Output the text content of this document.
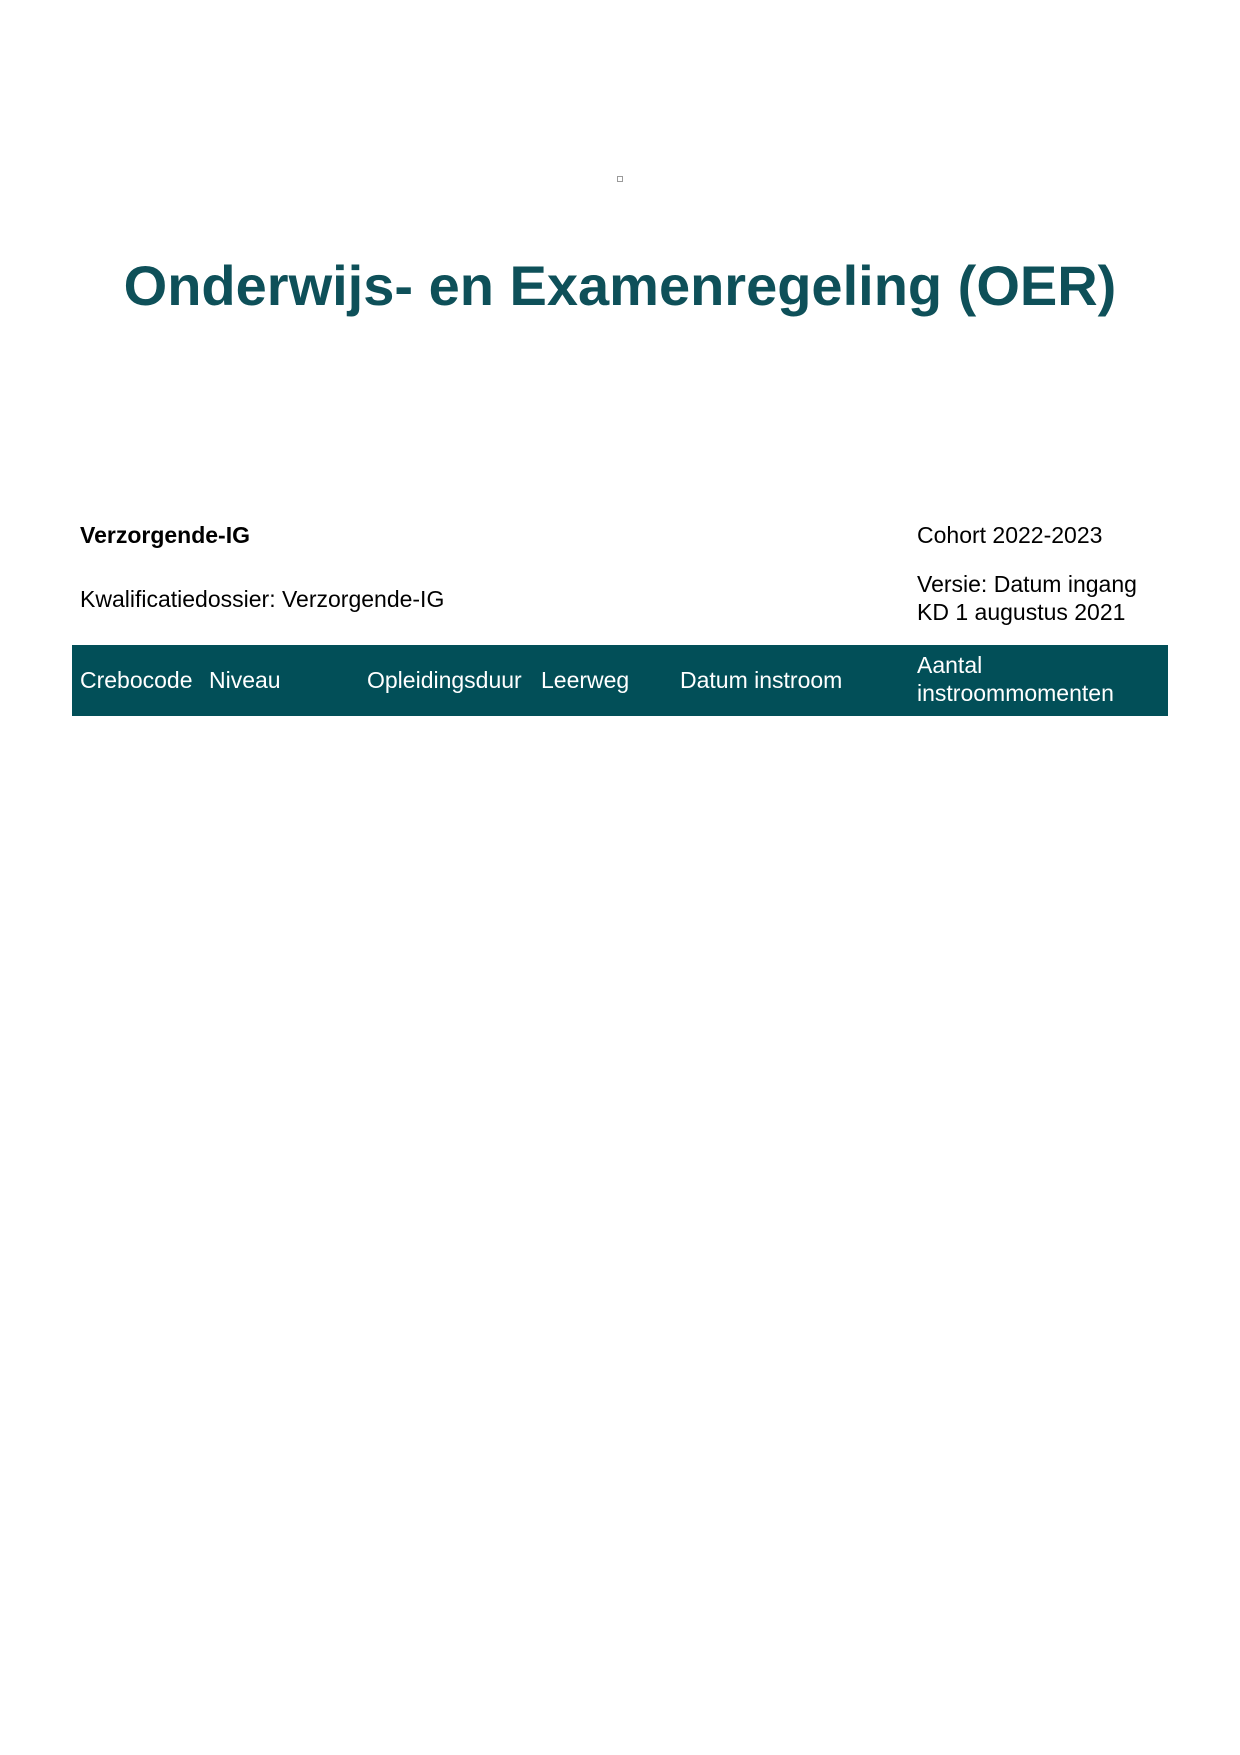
Onderwijs- en Examenregeling (OER)
Verzorgende-IG
Kwalificatiedossier: Verzorgende-IG
Cohort 2022-2023
Versie: Datum ingang KD 1 augustus 2021
Crebocode Niveau	Opleidingsduur Leerweg Datum instroom
Aantal instroommomenten
